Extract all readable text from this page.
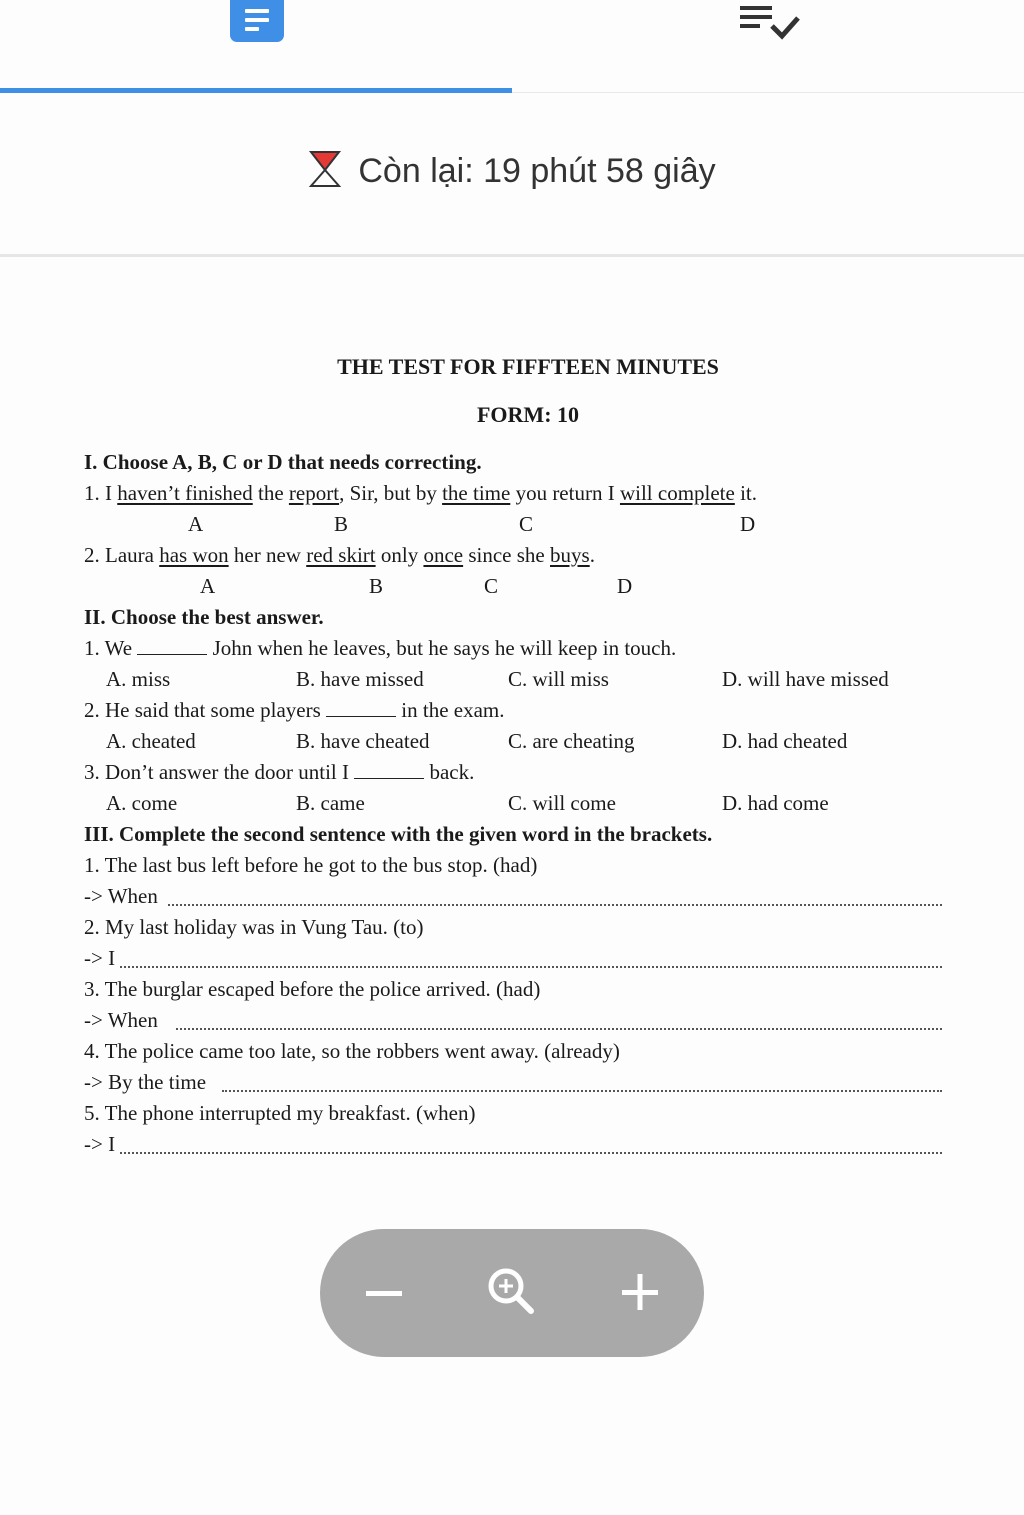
Còn lại: 19 phút 58 giây
THE TEST FOR FIFFTEEN MINUTES
FORM: 10
I. Choose A, B, C or D that needs correcting.
1. I haven’t finished the report, Sir, but by the time you return I will complete it.
A	B	C	D
2. Laura has won her new red skirt only once since she buys.
A	B	C	D
II. Choose the best answer.
1. We	John when he leaves, but he says he will keep in touch.
A. miss	B. have missed	C. will miss	D. will have missed
2. He said that some players	in the exam.
A. cheated	B. have cheated	C. are cheating	D. had cheated
3. Don’t answer the door until I	back.
A. come	B. came	C. will come	D. had come
III. Complete the second sentence with the given word in the brackets.
1. The last bus left before he got to the bus stop. (had)
-> When
2. My last holiday was in Vung Tau. (to)
-> I
3. The burglar escaped before the police arrived. (had)
-> When
4. The police came too late, so the robbers went away. (already)
-> By the time
5. The phone interrupted my breakfast. (when)
-> I
